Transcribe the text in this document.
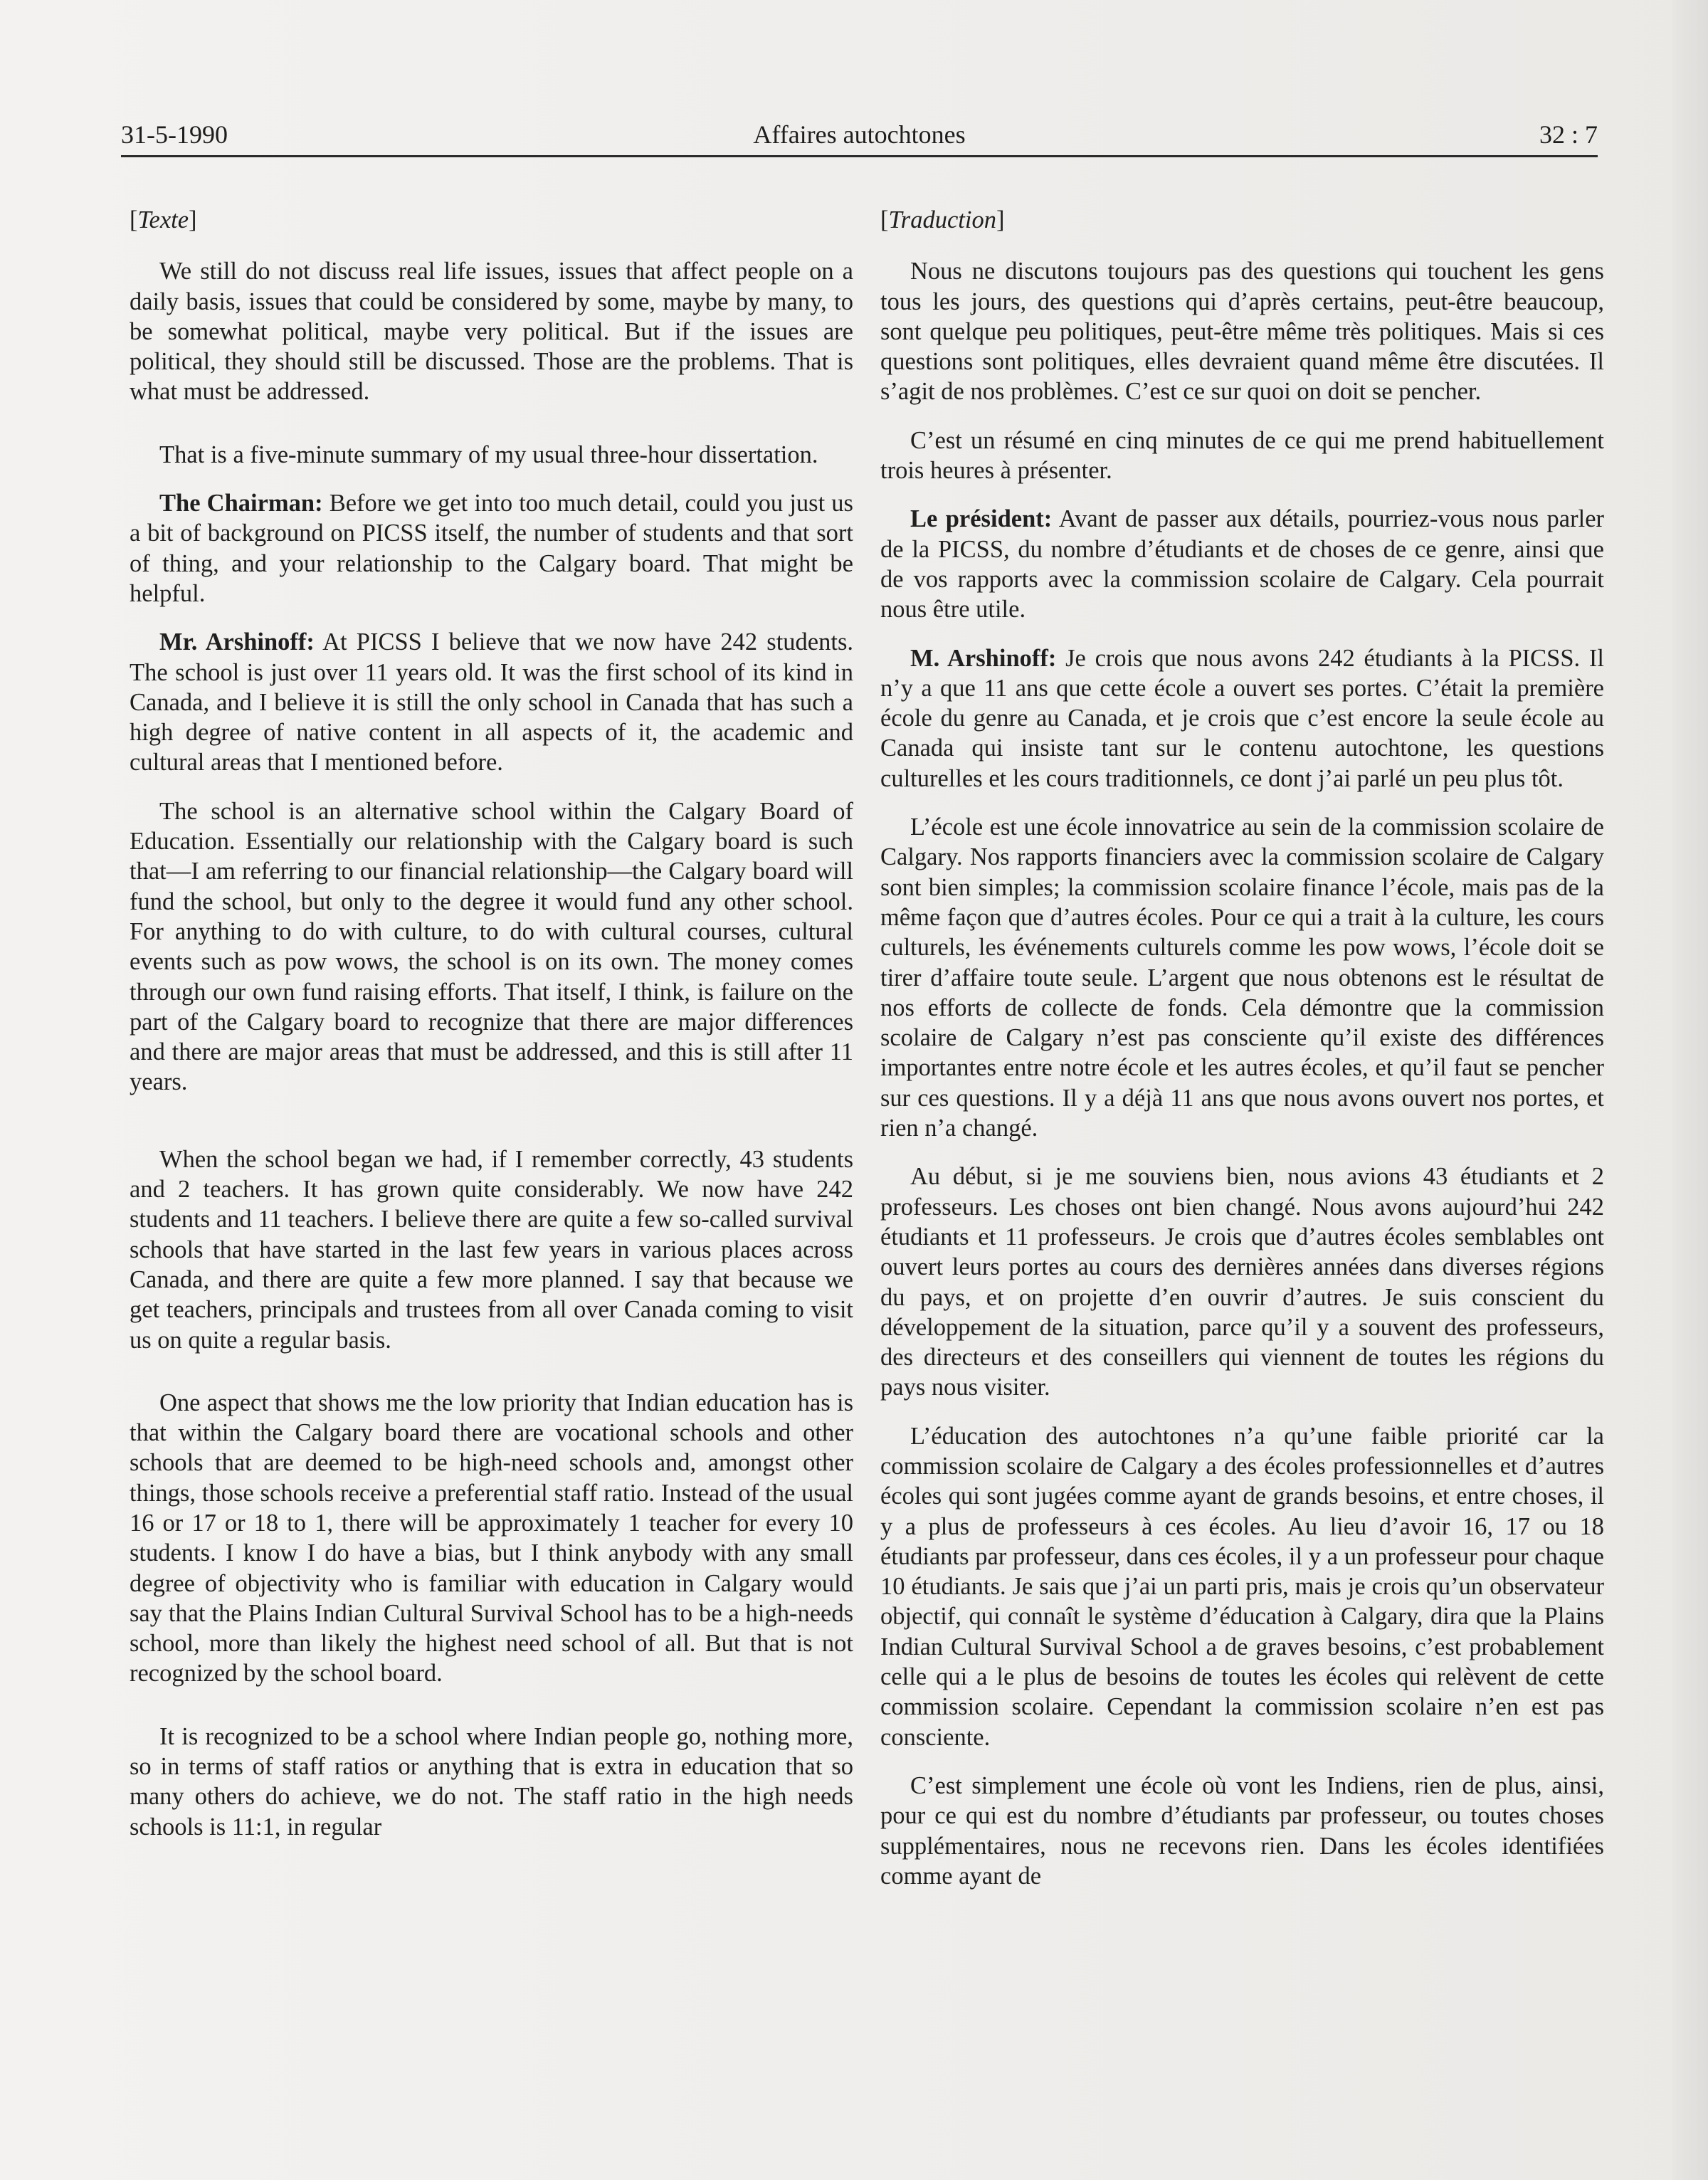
31-5-1990	Affaires autochtones	32 : 7
[Texte]

We still do not discuss real life issues, issues that affect people on a daily basis, issues that could be considered by some, maybe by many, to be somewhat political, maybe very political. But if the issues are political, they should still be discussed. Those are the problems. That is what must be addressed.

That is a five-minute summary of my usual three-hour dissertation.

The Chairman: Before we get into too much detail, could you just us a bit of background on PICSS itself, the number of students and that sort of thing, and your relationship to the Calgary board. That might be helpful.

Mr. Arshinoff: At PICSS I believe that we now have 242 students. The school is just over 11 years old. It was the first school of its kind in Canada, and I believe it is still the only school in Canada that has such a high degree of native content in all aspects of it, the academic and cultural areas that I mentioned before.

The school is an alternative school within the Calgary Board of Education. Essentially our relationship with the Calgary board is such that—I am referring to our financial relationship—the Calgary board will fund the school, but only to the degree it would fund any other school. For anything to do with culture, to do with cultural courses, cultural events such as pow wows, the school is on its own. The money comes through our own fund raising efforts. That itself, I think, is failure on the part of the Calgary board to recognize that there are major differences and there are major areas that must be addressed, and this is still after 11 years.

When the school began we had, if I remember correctly, 43 students and 2 teachers. It has grown quite considerably. We now have 242 students and 11 teachers. I believe there are quite a few so-called survival schools that have started in the last few years in various places across Canada, and there are quite a few more planned. I say that because we get teachers, principals and trustees from all over Canada coming to visit us on quite a regular basis.

One aspect that shows me the low priority that Indian education has is that within the Calgary board there are vocational schools and other schools that are deemed to be high-need schools and, amongst other things, those schools receive a preferential staff ratio. Instead of the usual 16 or 17 or 18 to 1, there will be approximately 1 teacher for every 10 students. I know I do have a bias, but I think anybody with any small degree of objectivity who is familiar with education in Calgary would say that the Plains Indian Cultural Survival School has to be a high-needs school, more than likely the highest need school of all. But that is not recognized by the school board.

It is recognized to be a school where Indian people go, nothing more, so in terms of staff ratios or anything that is extra in education that so many others do achieve, we do not. The staff ratio in the high needs schools is 11:1, in regular

[Traduction]

Nous ne discutons toujours pas des questions qui touchent les gens tous les jours, des questions qui d’après certains, peut-être beaucoup, sont quelque peu politiques, peut-être même très politiques. Mais si ces questions sont politiques, elles devraient quand même être discutées. Il s’agit de nos problèmes. C’est ce sur quoi on doit se pencher.

C’est un résumé en cinq minutes de ce qui me prend habituellement trois heures à présenter.

Le président: Avant de passer aux détails, pourriez-vous nous parler de la PICSS, du nombre d’étudiants et de choses de ce genre, ainsi que de vos rapports avec la commission scolaire de Calgary. Cela pourrait nous être utile.

M. Arshinoff: Je crois que nous avons 242 étudiants à la PICSS. Il n’y a que 11 ans que cette école a ouvert ses portes. C’était la première école du genre au Canada, et je crois que c’est encore la seule école au Canada qui insiste tant sur le contenu autochtone, les questions culturelles et les cours traditionnels, ce dont j’ai parlé un peu plus tôt.

L’école est une école innovatrice au sein de la commission scolaire de Calgary. Nos rapports financiers avec la commission scolaire de Calgary sont bien simples; la commission scolaire finance l’école, mais pas de la même façon que d’autres écoles. Pour ce qui a trait à la culture, les cours culturels, les événements culturels comme les pow wows, l’école doit se tirer d’affaire toute seule. L’argent que nous obtenons est le résultat de nos efforts de collecte de fonds. Cela démontre que la commission scolaire de Calgary n’est pas consciente qu’il existe des différences importantes entre notre école et les autres écoles, et qu’il faut se pencher sur ces questions. Il y a déjà 11 ans que nous avons ouvert nos portes, et rien n’a changé.

Au début, si je me souviens bien, nous avions 43 étudiants et 2 professeurs. Les choses ont bien changé. Nous avons aujourd’hui 242 étudiants et 11 professeurs. Je crois que d’autres écoles semblables ont ouvert leurs portes au cours des dernières années dans diverses régions du pays, et on projette d’en ouvrir d’autres. Je suis conscient du développement de la situation, parce qu’il y a souvent des professeurs, des directeurs et des conseillers qui viennent de toutes les régions du pays nous visiter.

L’éducation des autochtones n’a qu’une faible priorité car la commission scolaire de Calgary a des écoles professionnelles et d’autres écoles qui sont jugées comme ayant de grands besoins, et entre choses, il y a plus de professeurs à ces écoles. Au lieu d’avoir 16, 17 ou 18 étudiants par professeur, dans ces écoles, il y a un professeur pour chaque 10 étudiants. Je sais que j’ai un parti pris, mais je crois qu’un observateur objectif, qui connaît le système d’éducation à Calgary, dira que la Plains Indian Cultural Survival School a de graves besoins, c’est probablement celle qui a le plus de besoins de toutes les écoles qui relèvent de cette commission scolaire. Cependant la commission scolaire n’en est pas consciente.

C’est simplement une école où vont les Indiens, rien de plus, ainsi, pour ce qui est du nombre d’étudiants par professeur, ou toutes choses supplémentaires, nous ne recevons rien. Dans les écoles identifiées comme ayant de
